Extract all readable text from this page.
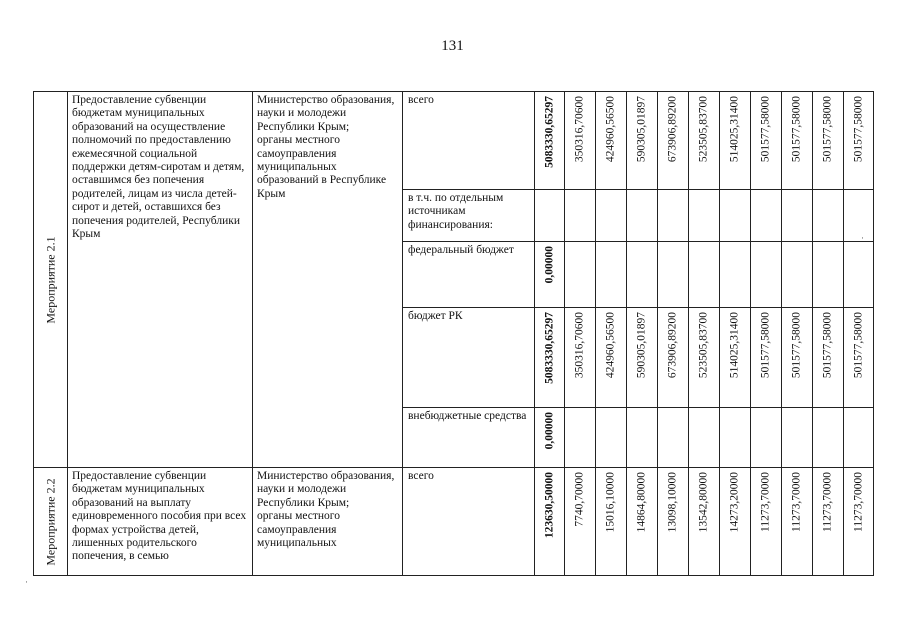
131
Мероприятие 2.1	Предоставление субвенции бюджетам муниципальных образований на осуществление полномочий по предоставлению ежемесячной социальной поддержки детям-сиротам и детям, оставшимся без попечения родителей, лицам из числа детей-сирот и детей, оставшихся без попечения родителей, Республики Крым	Министерство образования, науки и молодежи Республики Крым;
органы местного самоуправления муниципальных образований в Республике Крым	всего	5083330,65297	350316,70600	424960,56500	590305,01897	673906,89200	523505,83700	514025,31400	501577,58000	501577,58000	501577,58000	501577,58000

			в т.ч. по отдельным источникам финансирования:	

			федеральный бюджет	0,00000										

			бюджет РК	5083330,65297	350316,70600	424960,56500	590305,01897	673906,89200	523505,83700	514025,31400	501577,58000	501577,58000	501577,58000	501577,58000

			внебюджетные средства	0,00000										

Мероприятие 2.2	Предоставление субвенции бюджетам муниципальных образований на выплату единовременного пособия при всех формах устройства детей, лишенных родительского попечения, в семью	Министерство образования, науки и молодежи Республики Крым;
органы местного самоуправления муниципальных	всего	123630,50000	7740,70000	15016,10000	14864,80000	13098,10000	13542,80000	14273,20000	11273,70000	11273,70000	11273,70000	11273,70000
·
·
